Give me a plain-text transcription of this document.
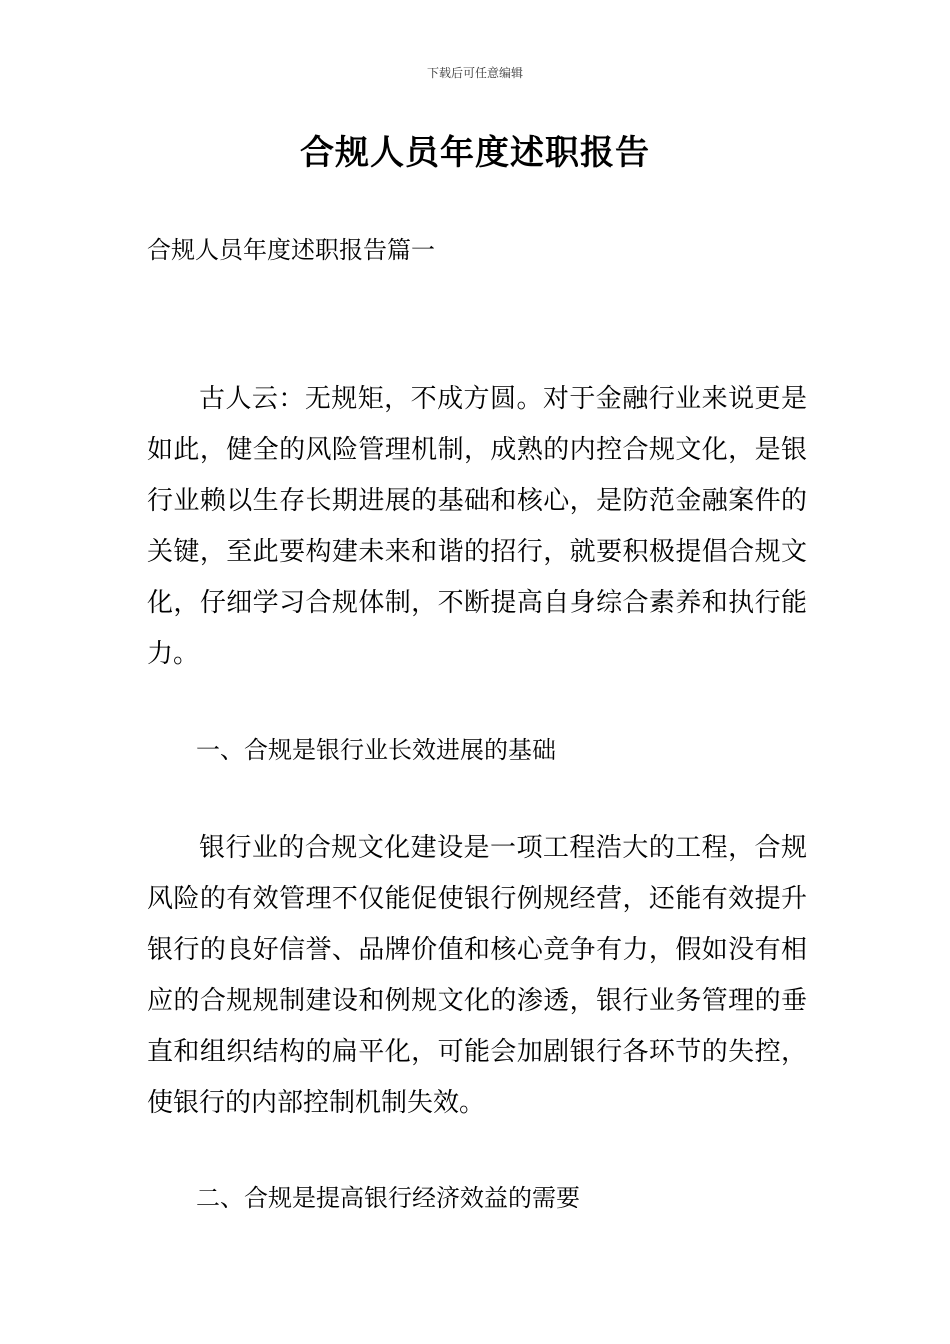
下载后可任意编辑
合规人员年度述职报告
合规人员年度述职报告篇一

古人云：无规矩，不成方圆。对于金融行业来说更是如此，健全的风险管理机制，成熟的内控合规文化，是银行业赖以生存长期进展的基础和核心，是防范金融案件的关键，至此要构建未来和谐的招行，就要积极提倡合规文化，仔细学习合规体制，不断提高自身综合素养和执行能力。

一、合规是银行业长效进展的基础

银行业的合规文化建设是一项工程浩大的工程，合规风险的有效管理不仅能促使银行例规经营，还能有效提升银行的良好信誉、品牌价值和核心竞争有力，假如没有相应的合规规制建设和例规文化的渗透，银行业务管理的垂直和组织结构的扁平化，可能会加剧银行各环节的失控，使银行的内部控制机制失效。

二、合规是提高银行经济效益的需要
